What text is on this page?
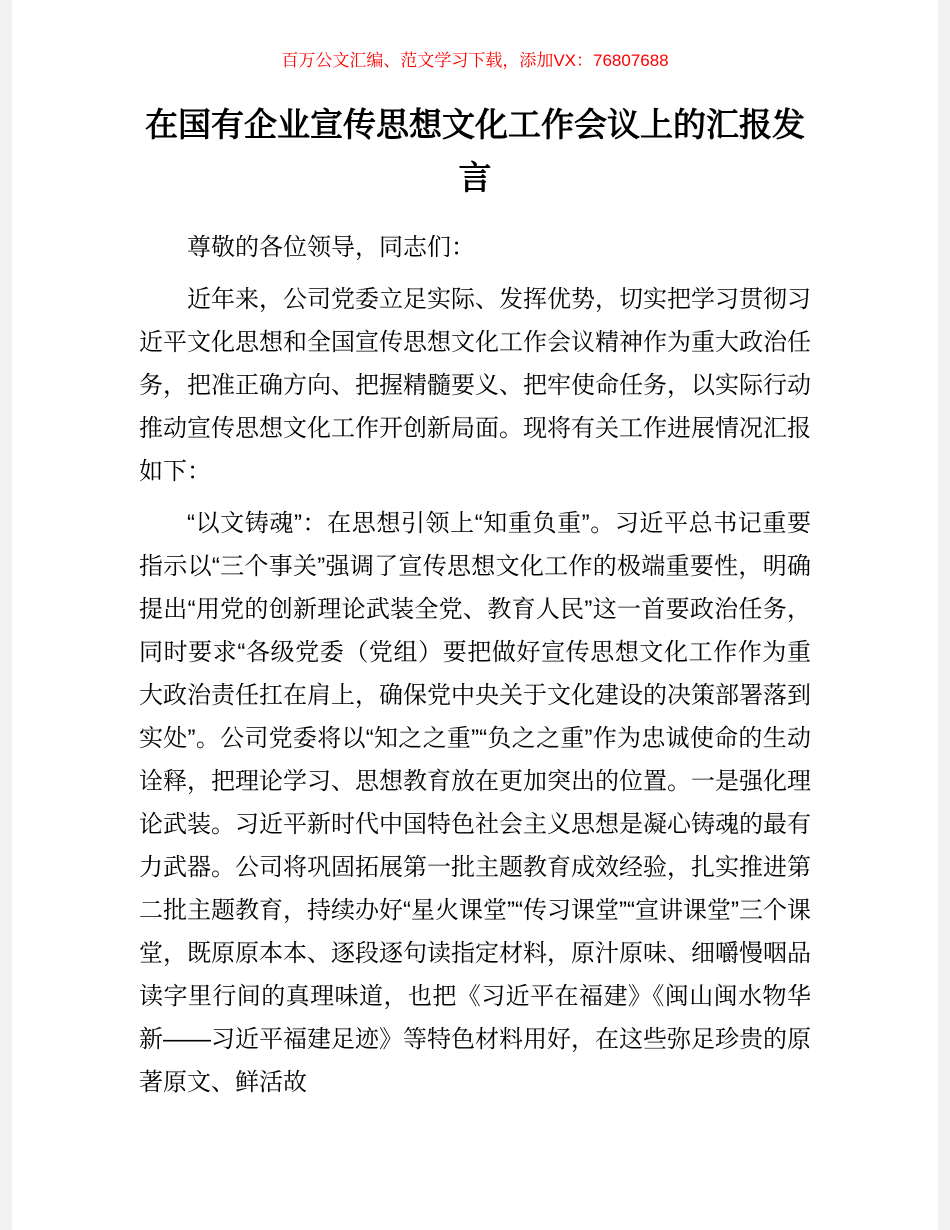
百万公文汇编、范文学习下载，添加VX：76807688
在国有企业宣传思想文化工作会议上的汇报发言

尊敬的各位领导，同志们：

近年来，公司党委立足实际、发挥优势，切实把学习贯彻习近平文化思想和全国宣传思想文化工作会议精神作为重大政治任务，把准正确方向、把握精髓要义、把牢使命任务，以实际行动推动宣传思想文化工作开创新局面。现将有关工作进展情况汇报如下：

“以文铸魂”：在思想引领上“知重负重”。习近平总书记重要指示以“三个事关”强调了宣传思想文化工作的极端重要性，明确提出“用党的创新理论武装全党、教育人民”这一首要政治任务，同时要求“各级党委（党组）要把做好宣传思想文化工作作为重大政治责任扛在肩上，确保党中央关于文化建设的决策部署落到实处”。公司党委将以“知之之重”“负之之重”作为忠诚使命的生动诠释，把理论学习、思想教育放在更加突出的位置。一是强化理论武装。习近平新时代中国特色社会主义思想是凝心铸魂的最有力武器。公司将巩固拓展第一批主题教育成效经验，扎实推进第二批主题教育，持续办好“星火课堂”“传习课堂”“宣讲课堂”三个课堂，既原原本本、逐段逐句读指定材料，原汁原味、细嚼慢咽品读字里行间的真理味道，也把《习近平在福建》《闽山闽水物华新——习近平福建足迹》等特色材料用好，在这些弥足珍贵的原著原文、鲜活故
